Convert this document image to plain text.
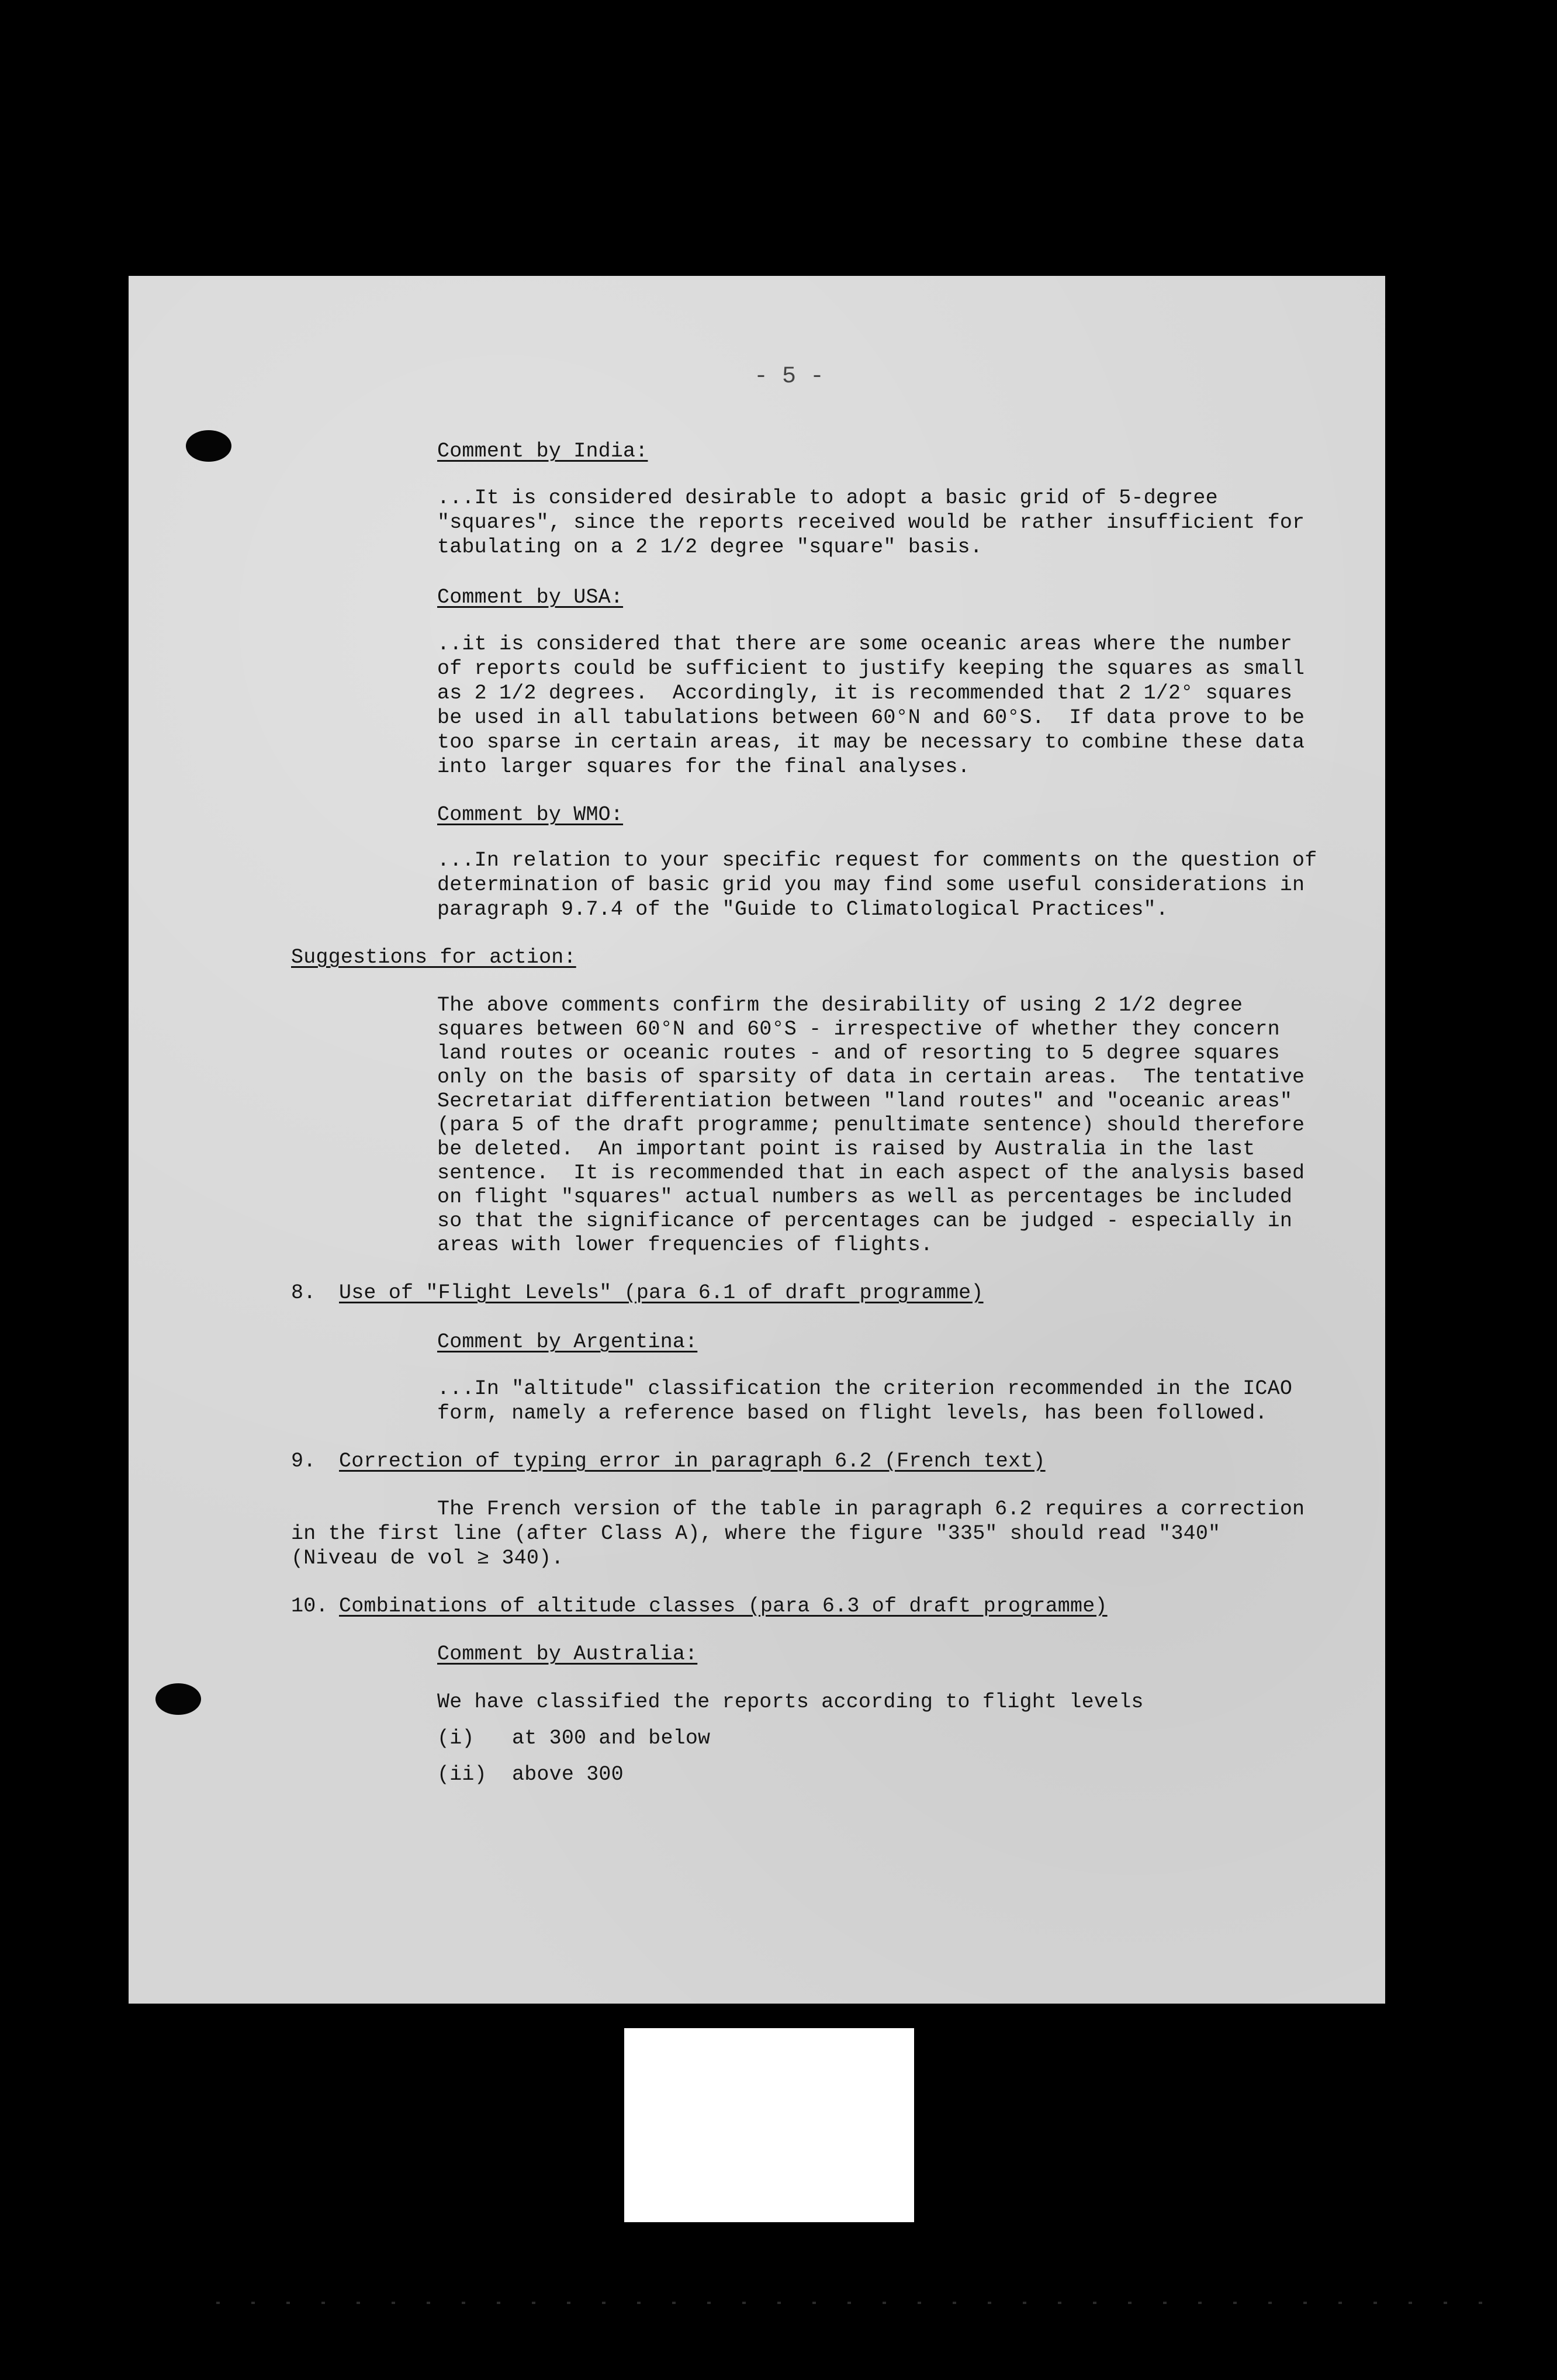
- 5 -
Comment by India:
...It is considered desirable to adopt a basic grid of 5-degree
"squares", since the reports received would be rather insufficient for
tabulating on a 2 1/2 degree "square" basis.
Comment by USA:
..it is considered that there are some oceanic areas where the number
of reports could be sufficient to justify keeping the squares as small
as 2 1/2 degrees.  Accordingly, it is recommended that 2 1/2° squares
be used in all tabulations between 60°N and 60°S.  If data prove to be
too sparse in certain areas, it may be necessary to combine these data
into larger squares for the final analyses.
Comment by WMO:
...In relation to your specific request for comments on the question of
determination of basic grid you may find some useful considerations in
paragraph 9.7.4 of the "Guide to Climatological Practices".
Suggestions for action:
The above comments confirm the desirability of using 2 1/2 degree
squares between 60°N and 60°S - irrespective of whether they concern
land routes or oceanic routes - and of resorting to 5 degree squares
only on the basis of sparsity of data in certain areas.  The tentative
Secretariat differentiation between "land routes" and "oceanic areas"
(para 5 of the draft programme; penultimate sentence) should therefore
be deleted.  An important point is raised by Australia in the last
sentence.  It is recommended that in each aspect of the analysis based
on flight "squares" actual numbers as well as percentages be included
so that the significance of percentages can be judged - especially in
areas with lower frequencies of flights.
8. Use of "Flight Levels" (para 6.1 of draft programme)
Comment by Argentina:
...In "altitude" classification the criterion recommended in the ICAO
form, namely a reference based on flight levels, has been followed.
9. Correction of typing error in paragraph 6.2 (French text)
The French version of the table in paragraph 6.2 requires a correction
in the first line (after Class A), where the figure "335" should read "340"
(Niveau de vol ≥ 340).
10. Combinations of altitude classes (para 6.3 of draft programme)
Comment by Australia:
We have classified the reports according to flight levels
(i) at 300 and below
(ii) above 300
